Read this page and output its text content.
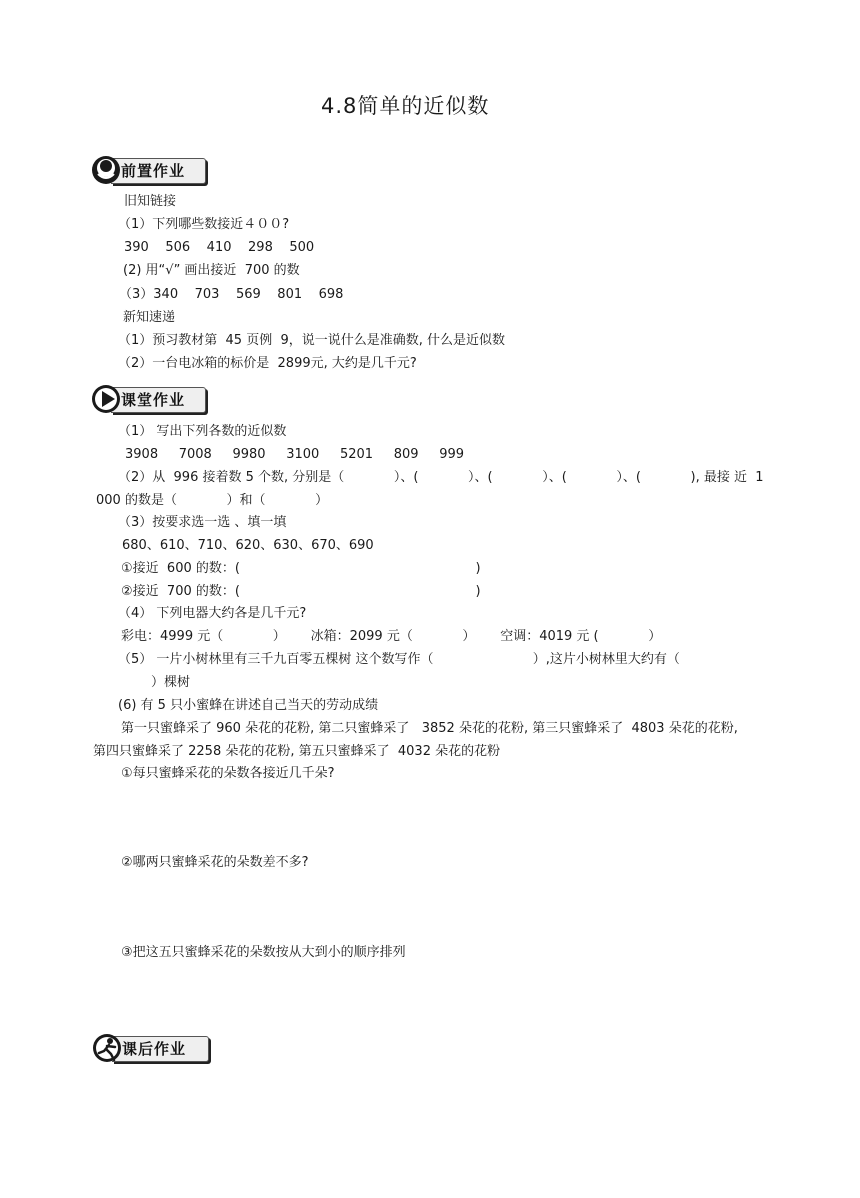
4.8简单的近似数
前置作业
课堂作业
课后作业
旧知链接
（1）下列哪些数接近４００?
390    506    410    298    500
(2) 用“√” 画出接近  700 的数
（3）340    703    569    801    698
新知速递
（1）预习教材第  45 页例  9，说一说什么是准确数, 什么是近似数
（2）一台电冰箱的标价是  2899元, 大约是几千元?
（1） 写出下列各数的近似数
3908     7008     9980     3100     5201     809     999
（2）从  996 接着数 5 个数, 分别是（            ）、(            ）、(            ）、(            ）、(            ), 最接 近  1
000 的数是（            ）和（            ）
（3）按要求选一选 、填一填
680、610、710、620、630、670、690
①接近  600 的数：(                                                         )
②接近  700 的数：(                                                         )
（4） 下列电器大约各是几千元?
彩电：4999 元（            ）      冰箱：2099 元（            ）      空调：4019 元 (            ）
（5） 一片小树林里有三千九百零五棵树 这个数写作（                        ）,这片小树林里大约有（
）棵树
(6) 有 5 只小蜜蜂在讲述自己当天的劳动成绩
第一只蜜蜂采了 960 朵花的花粉, 第二只蜜蜂采了   3852 朵花的花粉, 第三只蜜蜂采了  4803 朵花的花粉,
第四只蜜蜂采了 2258 朵花的花粉, 第五只蜜蜂采了  4032 朵花的花粉
①每只蜜蜂采花的朵数各接近几千朵?
②哪两只蜜蜂采花的朵数差不多?
③把这五只蜜蜂采花的朵数按从大到小的顺序排列
